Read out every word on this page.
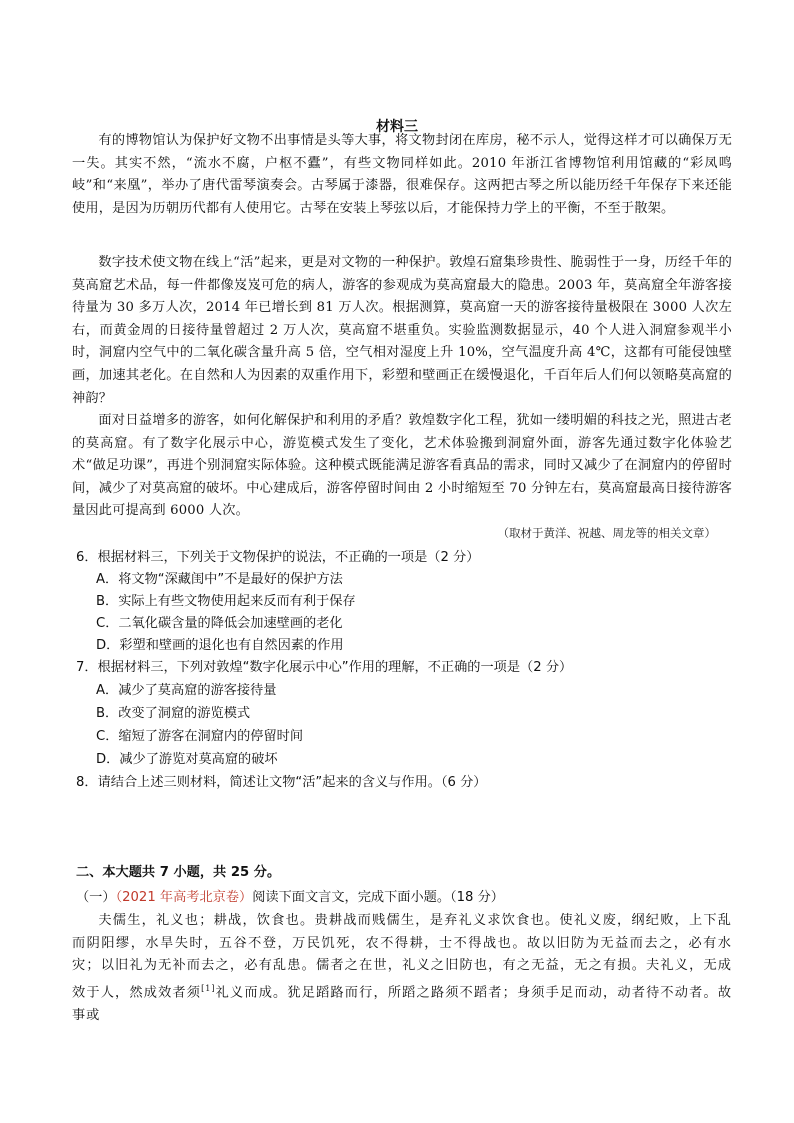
材料三

有的博物馆认为保护好文物不出事情是头等大事，将文物封闭在库房，秘不示人，觉得这样才可以确保万无一失。其实不然，“流水不腐，户枢不蠹”，有些文物同样如此。2010 年浙江省博物馆利用馆藏的“彩凤鸣岐”和“来凰”，举办了唐代雷琴演奏会。古琴属于漆器，很难保存。这两把古琴之所以能历经千年保存下来还能使用，是因为历朝历代都有人使用它。古琴在安装上琴弦以后，才能保持力学上的平衡，不至于散架。

数字技术使文物在线上“活”起来，更是对文物的一种保护。敦煌石窟集珍贵性、脆弱性于一身，历经千年的莫高窟艺术品，每一件都像岌岌可危的病人，游客的参观成为莫高窟最大的隐患。2003 年，莫高窟全年游客接待量为 30 多万人次，2014 年已增长到 81 万人次。根据测算，莫高窟一天的游客接待量极限在 3000 人次左右，而黄金周的日接待量曾超过 2 万人次，莫高窟不堪重负。实验监测数据显示，40 个人进入洞窟参观半小时，洞窟内空气中的二氧化碳含量升高 5 倍，空气相对湿度上升 10%，空气温度升高 4℃，这都有可能侵蚀壁画，加速其老化。在自然和人为因素的双重作用下，彩塑和壁画正在缓慢退化，千百年后人们何以领略莫高窟的神韵？

面对日益增多的游客，如何化解保护和利用的矛盾？敦煌数字化工程，犹如一缕明媚的科技之光，照进古老的莫高窟。有了数字化展示中心，游览模式发生了变化，艺术体验搬到洞窟外面，游客先通过数字化体验艺术“做足功课”，再进个别洞窟实际体验。这种模式既能满足游客看真品的需求，同时又减少了在洞窟内的停留时间，减少了对莫高窟的破坏。中心建成后，游客停留时间由 2 小时缩短至 70 分钟左右，莫高窟最高日接待游客量因此可提高到 6000 人次。

（取材于黄洋、祝越、周龙等的相关文章）
6．根据材料三，下列关于文物保护的说法，不正确的一项是（2 分）
A．将文物“深藏闺中”不是最好的保护方法
B．实际上有些文物使用起来反而有利于保存
C．二氧化碳含量的降低会加速壁画的老化
D．彩塑和壁画的退化也有自然因素的作用
7．根据材料三，下列对敦煌“数字化展示中心”作用的理解，不正确的一项是（2 分）
A．减少了莫高窟的游客接待量
B．改变了洞窟的游览模式
C．缩短了游客在洞窟内的停留时间
D．减少了游览对莫高窟的破坏
8．请结合上述三则材料，简述让文物“活”起来的含义与作用。（6 分）
二、本大题共 7 小题，共 25 分。
（一）（2021 年高考北京卷）阅读下面文言文，完成下面小题。（18 分）

夫儒生，礼义也；耕战，饮食也。贵耕战而贱儒生，是弃礼义求饮食也。使礼义废，纲纪败，上下乱而阴阳缪，水旱失时，五谷不登，万民饥死，农不得耕，士不得战也。故以旧防为无益而去之，必有水灾；以旧礼为无补而去之，必有乱患。儒者之在世，礼义之旧防也，有之无益，无之有损。夫礼义，无成效于人，然成效者须[1]礼义而成。犹足蹈路而行，所蹈之路须不蹈者；身须手足而动，动者待不动者。故事或
